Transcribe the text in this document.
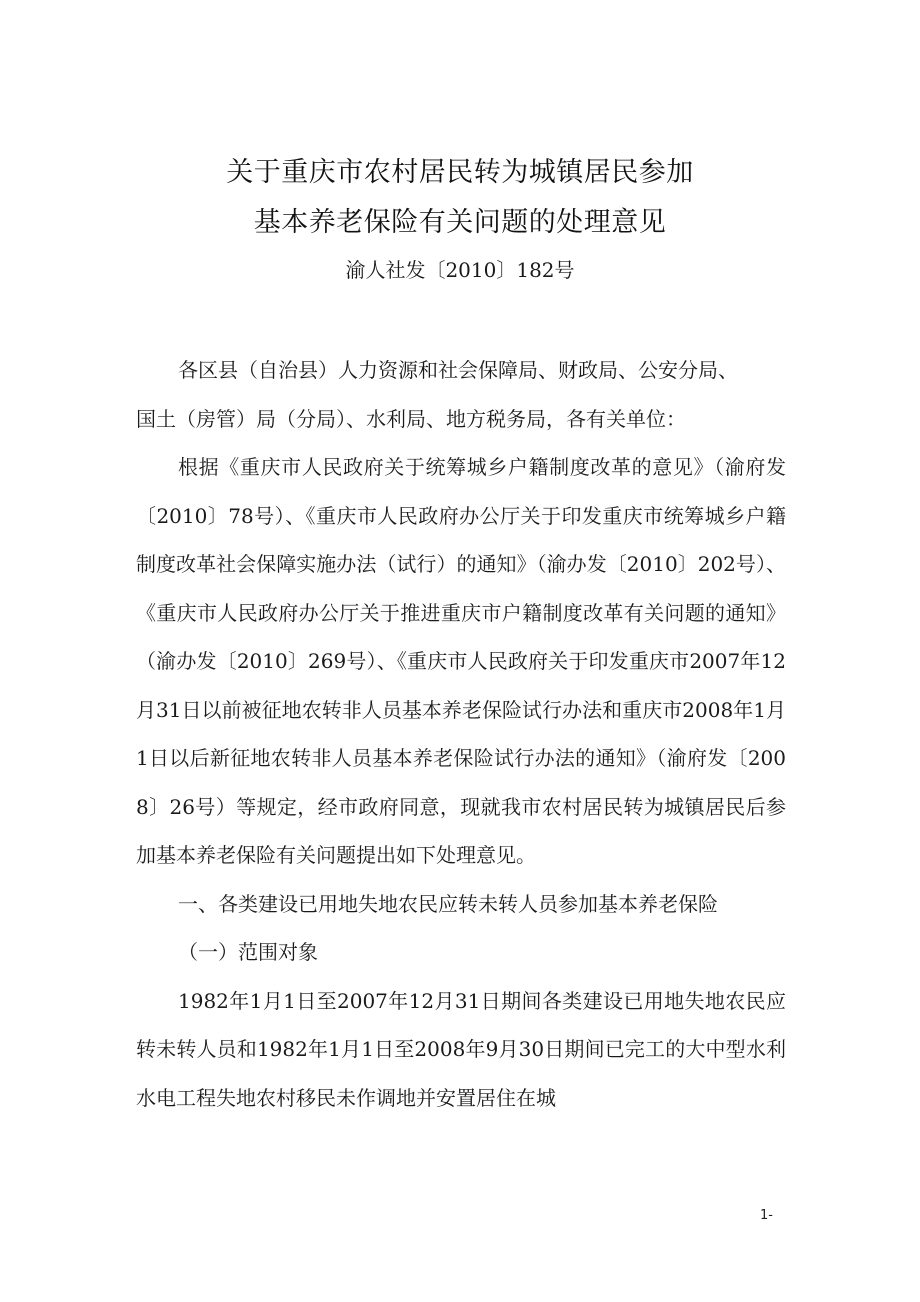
关于重庆市农村居民转为城镇居民参加
基本养老保险有关问题的处理意见
渝人社发〔2010〕182号

各区县（自治县）人力资源和社会保障局、财政局、公安分局、

国土（房管）局（分局）、水利局、地方税务局，各有关单位：

根据《重庆市人民政府关于统筹城乡户籍制度改革的意见》（渝府发〔2010〕78号）、《重庆市人民政府办公厅关于印发重庆市统筹城乡户籍制度改革社会保障实施办法（试行）的通知》（渝办发〔2010〕202号）、《重庆市人民政府办公厅关于推进重庆市户籍制度改革有关问题的通知》（渝办发〔2010〕269号）、《重庆市人民政府关于印发重庆市2007年12月31日以前被征地农转非人员基本养老保险试行办法和重庆市2008年1月1日以后新征地农转非人员基本养老保险试行办法的通知》（渝府发〔2008〕26号）等规定，经市政府同意，现就我市农村居民转为城镇居民后参加基本养老保险有关问题提出如下处理意见。

一、各类建设已用地失地农民应转未转人员参加基本养老保险

（一）范围对象

1982年1月1日至2007年12月31日期间各类建设已用地失地农民应转未转人员和1982年1月1日至2008年9月30日期间已完工的大中型水利水电工程失地农村移民未作调地并安置居住在城

1-
